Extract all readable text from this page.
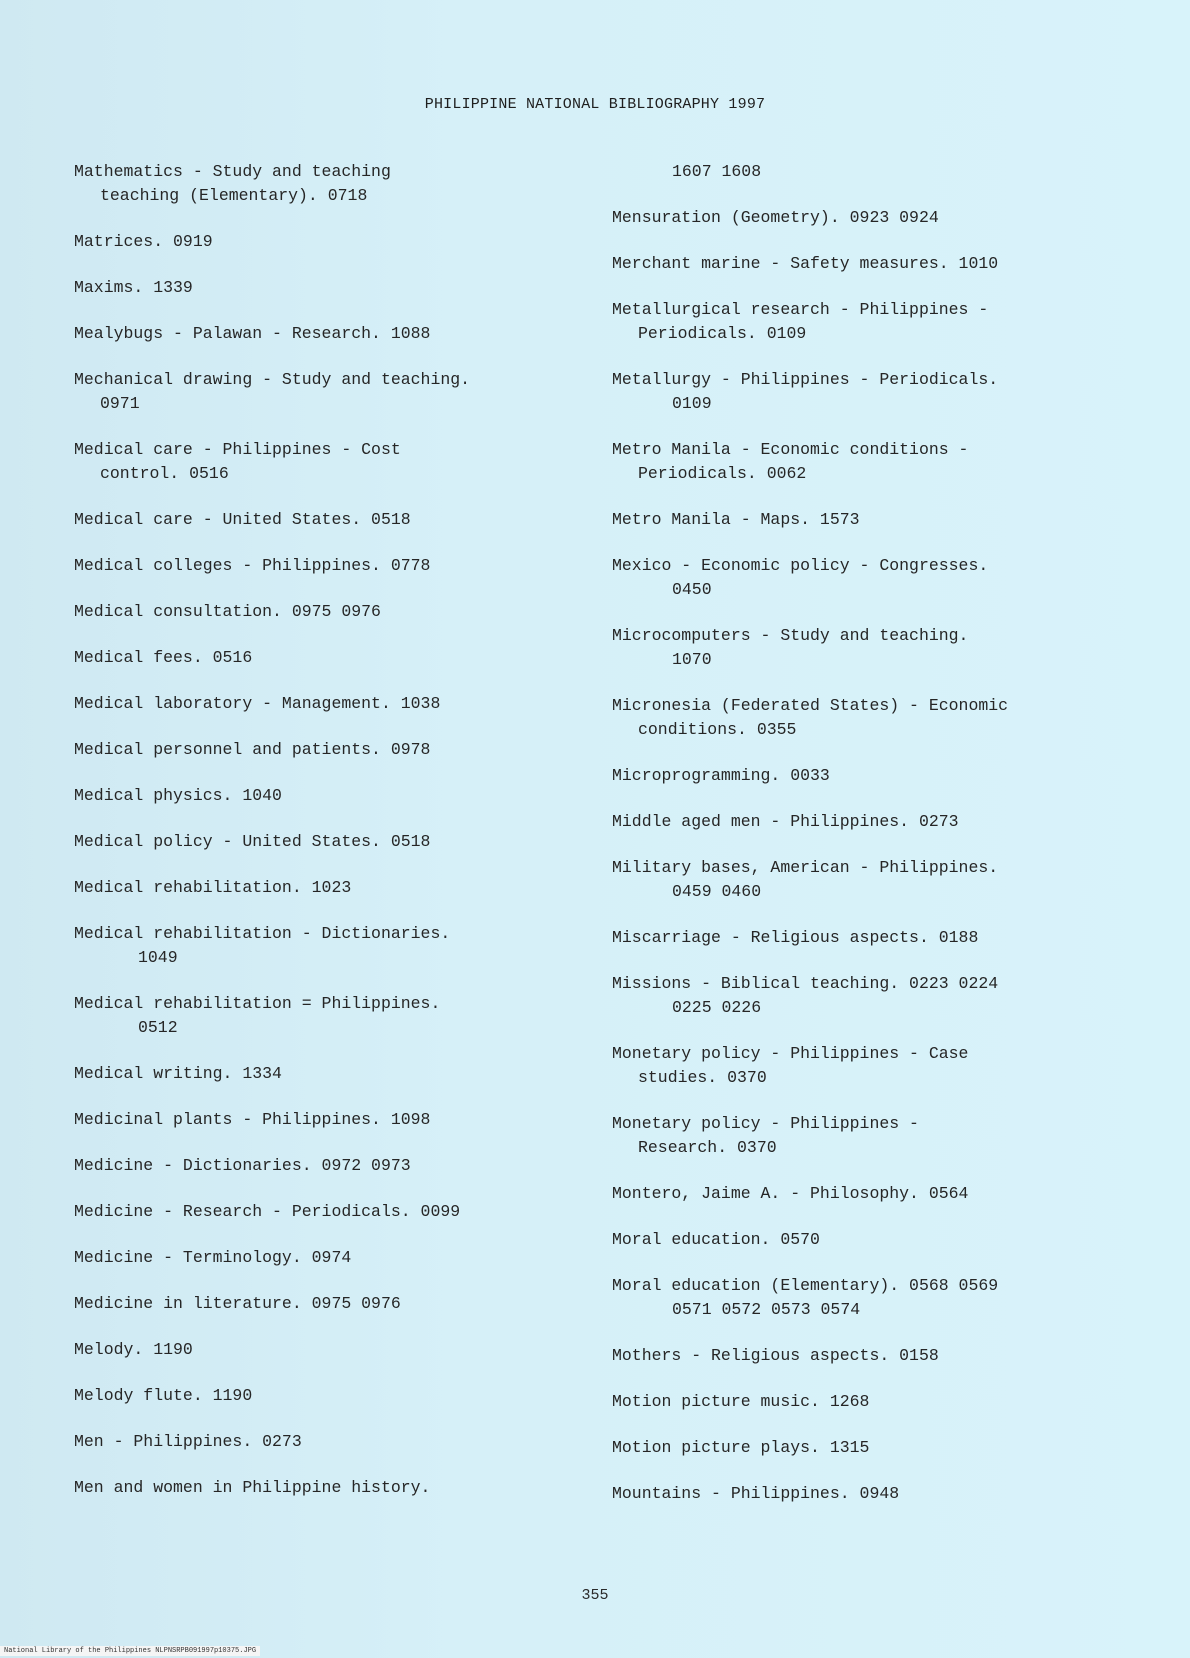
PHILIPPINE NATIONAL BIBLIOGRAPHY 1997
Mathematics - Study and teaching
teaching (Elementary). 0718
Matrices. 0919
Maxims. 1339
Mealybugs - Palawan - Research. 1088
Mechanical drawing - Study and teaching.
0971
Medical care - Philippines - Cost
control. 0516
Medical care - United States. 0518
Medical colleges - Philippines. 0778
Medical consultation. 0975 0976
Medical fees. 0516
Medical laboratory - Management. 1038
Medical personnel and patients. 0978
Medical physics. 1040
Medical policy - United States. 0518
Medical rehabilitation. 1023
Medical rehabilitation - Dictionaries.
1049
Medical rehabilitation = Philippines.
0512
Medical writing. 1334
Medicinal plants - Philippines. 1098
Medicine - Dictionaries. 0972 0973
Medicine - Research - Periodicals. 0099
Medicine - Terminology. 0974
Medicine in literature. 0975 0976
Melody. 1190
Melody flute. 1190
Men - Philippines. 0273
Men and women in Philippine history.
1607 1608
Mensuration (Geometry). 0923 0924
Merchant marine - Safety measures. 1010
Metallurgical research - Philippines -
Periodicals. 0109
Metallurgy - Philippines - Periodicals.
0109
Metro Manila - Economic conditions -
Periodicals. 0062
Metro Manila - Maps. 1573
Mexico - Economic policy - Congresses.
0450
Microcomputers - Study and teaching.
1070
Micronesia (Federated States) - Economic
conditions. 0355
Microprogramming. 0033
Middle aged men - Philippines. 0273
Military bases, American - Philippines.
0459 0460
Miscarriage - Religious aspects. 0188
Missions - Biblical teaching. 0223 0224
0225 0226
Monetary policy - Philippines - Case
studies. 0370
Monetary policy - Philippines -
Research. 0370
Montero, Jaime A. - Philosophy. 0564
Moral education. 0570
Moral education (Elementary). 0568 0569
0571 0572 0573 0574
Mothers - Religious aspects. 0158
Motion picture music. 1268
Motion picture plays. 1315
Mountains - Philippines. 0948
355
National Library of the Philippines NLPNSRPB091997p10375.JPG
